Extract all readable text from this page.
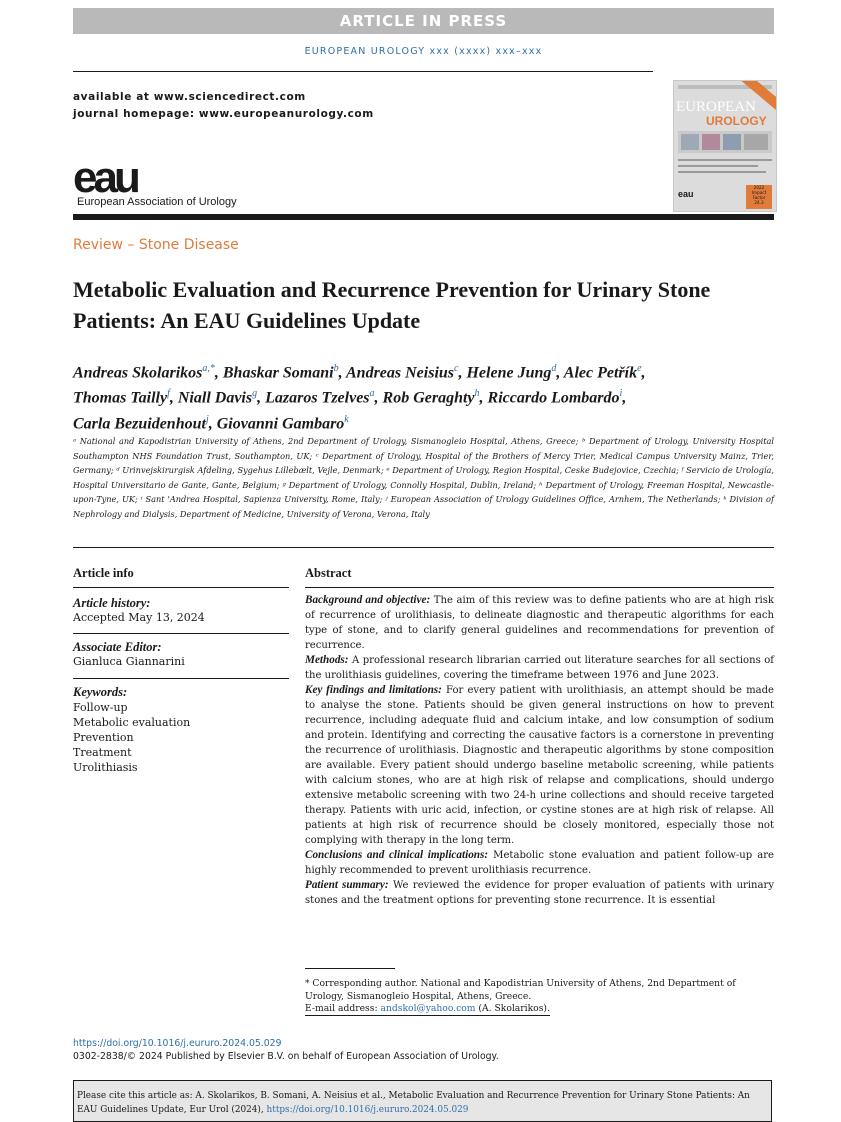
ARTICLE IN PRESS
EUROPEAN UROLOGY xxx (xxxx) xxx–xxx
available at www.sciencedirect.com
journal homepage: www.europeanurology.com
eau
European Association of Urology
EUROPEAN
UROLOGY
2022
Impact
Factor
24.3
eau
Review – Stone Disease
Metabolic Evaluation and Recurrence Prevention for Urinary Stone
Patients: An EAU Guidelines Update
Andreas Skolarikos$^{a,*}$, Bhaskar Somani$^b$, Andreas Neisius$^c$, Helene Jung$^d$, Alec Petřík$^e$,
Thomas Tailly$^f$, Niall Davis$^g$, Lazaros Tzelves$^a$, Rob Geraghty$^h$, Riccardo Lombardo$^i$,
Carla Bezuidenhout$^j$, Giovanni Gambaro$^k$
ᵃ National and Kapodistrian University of Athens, 2nd Department of Urology, Sismanogleio Hospital, Athens, Greece; ᵇ Department of Urology, University Hospital Southampton NHS Foundation Trust, Southampton, UK; ᶜ Department of Urology, Hospital of the Brothers of Mercy Trier, Medical Campus University Mainz, Trier, Germany; ᵈ Urinvejskirurgisk Afdeling, Sygehus Lillebælt, Vejle, Denmark; ᵉ Department of Urology, Region Hospital, Ceske Budejovice, Czechia; ᶠ Servicio de Urología, Hospital Universitario de Gante, Gante, Belgium; ᵍ Department of Urology, Connolly Hospital, Dublin, Ireland; ʰ Department of Urology, Freeman Hospital, Newcastle-upon-Tyne, UK; ⁱ Sant 'Andrea Hospital, Sapienza University, Rome, Italy; ʲ European Association of Urology Guidelines Office, Arnhem, The Netherlands; ᵏ Division of Nephrology and Dialysis, Department of Medicine, University of Verona, Verona, Italy
Article info
Article history:
Accepted May 13, 2024
Associate Editor:
Gianluca Giannarini
Keywords:
Follow-up
Metabolic evaluation
Prevention
Treatment
Urolithiasis
Abstract
Background and objective: The aim of this review was to define patients who are at high risk of recurrence of urolithiasis, to delineate diagnostic and therapeutic algorithms for each type of stone, and to clarify general guidelines and recommendations for prevention of recurrence.
Methods: A professional research librarian carried out literature searches for all sections of the urolithiasis guidelines, covering the timeframe between 1976 and June 2023.
Key findings and limitations: For every patient with urolithiasis, an attempt should be made to analyse the stone. Patients should be given general instructions on how to prevent recurrence, including adequate fluid and calcium intake, and low consumption of sodium and protein. Identifying and correcting the causative factors is a cornerstone in preventing the recurrence of urolithiasis. Diagnostic and therapeutic algorithms by stone composition are available. Every patient should undergo baseline metabolic screening, while patients with calcium stones, who are at high risk of relapse and complications, should undergo extensive metabolic screening with two 24-h urine collections and should receive targeted therapy. Patients with uric acid, infection, or cystine stones are at high risk of relapse. All patients at high risk of recurrence should be closely monitored, especially those not complying with therapy in the long term.
Conclusions and clinical implications: Metabolic stone evaluation and patient follow-up are highly recommended to prevent urolithiasis recurrence.
Patient summary: We reviewed the evidence for proper evaluation of patients with urinary stones and the treatment options for preventing stone recurrence. It is essential
* Corresponding author. National and Kapodistrian University of Athens, 2nd Department of Urology, Sismanogleio Hospital, Athens, Greece.
E-mail address: andskol@yahoo.com (A. Skolarikos).
https://doi.org/10.1016/j.eururo.2024.05.029
0302-2838/© 2024 Published by Elsevier B.V. on behalf of European Association of Urology.
Please cite this article as: A. Skolarikos, B. Somani, A. Neisius et al., Metabolic Evaluation and Recurrence Prevention for Urinary Stone Patients: An EAU Guidelines Update, Eur Urol (2024), https://doi.org/10.1016/j.eururo.2024.05.029
